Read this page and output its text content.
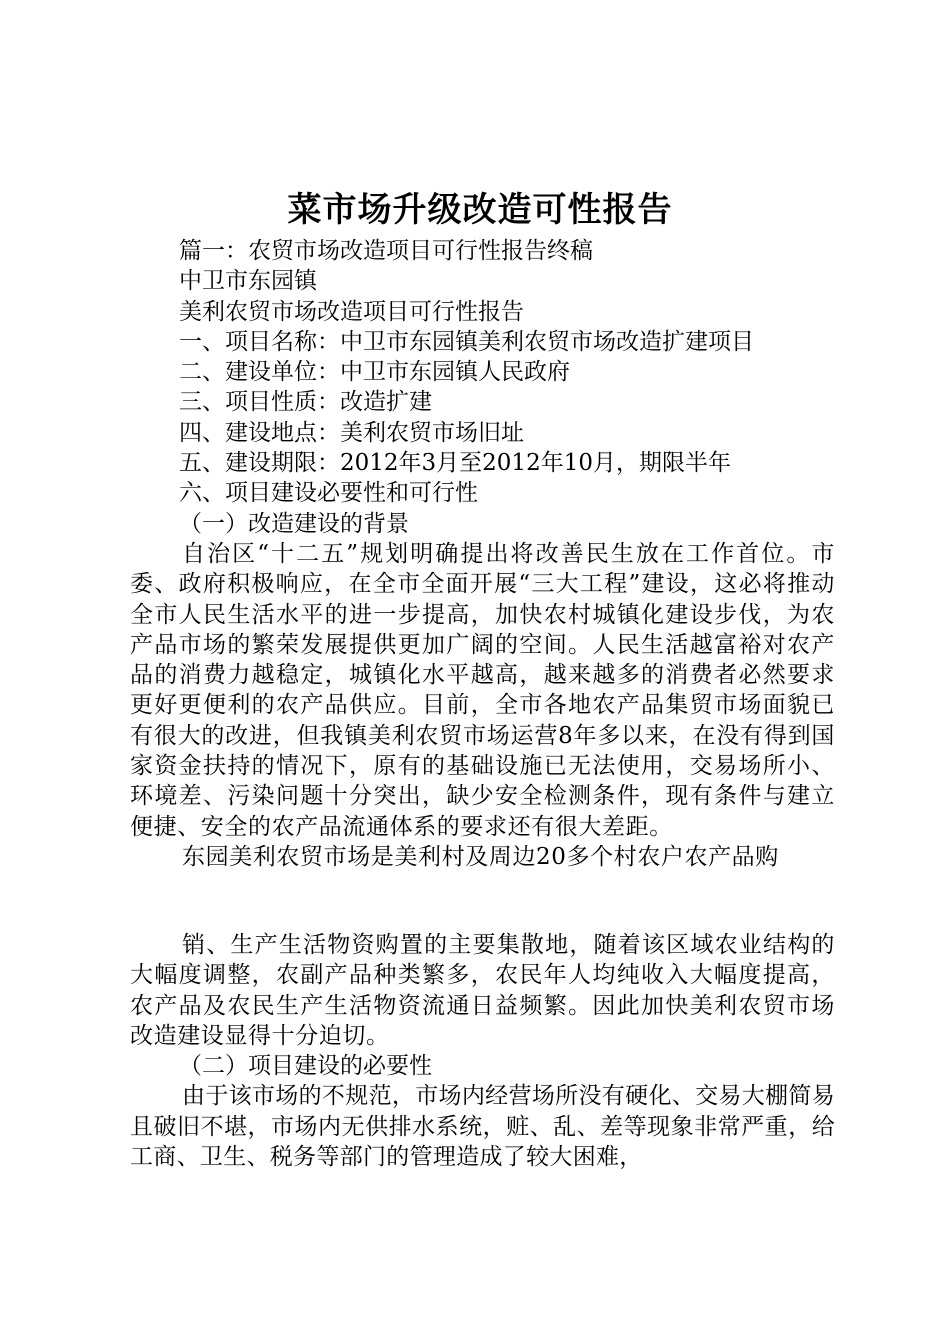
菜市场升级改造可性报告

篇一：农贸市场改造项目可行性报告终稿

中卫市东园镇

美利农贸市场改造项目可行性报告

一、项目名称：中卫市东园镇美利农贸市场改造扩建项目

二、建设单位：中卫市东园镇人民政府

三、项目性质：改造扩建

四、建设地点：美利农贸市场旧址

五、建设期限：2012年3月至2012年10月，期限半年

六、项目建设必要性和可行性

（一）改造建设的背景

自治区“十二五”规划明确提出将改善民生放在工作首位。市委、政府积极响应，在全市全面开展“三大工程”建设，这必将推动全市人民生活水平的进一步提高，加快农村城镇化建设步伐，为农产品市场的繁荣发展提供更加广阔的空间。人民生活越富裕对农产品的消费力越稳定，城镇化水平越高，越来越多的消费者必然要求更好更便利的农产品供应。目前，全市各地农产品集贸市场面貌已有很大的改进，但我镇美利农贸市场运营8年多以来，在没有得到国家资金扶持的情况下，原有的基础设施已无法使用，交易场所小、环境差、污染问题十分突出，缺少安全检测条件，现有条件与建立便捷、安全的农产品流通体系的要求还有很大差距。

东园美利农贸市场是美利村及周边20多个村农户农产品购

销、生产生活物资购置的主要集散地，随着该区域农业结构的大幅度调整，农副产品种类繁多，农民年人均纯收入大幅度提高，农产品及农民生产生活物资流通日益频繁。因此加快美利农贸市场改造建设显得十分迫切。

（二）项目建设的必要性

由于该市场的不规范，市场内经营场所没有硬化、交易大棚简易且破旧不堪，市场内无供排水系统，赃、乱、差等现象非常严重，给工商、卫生、税务等部门的管理造成了较大困难，
